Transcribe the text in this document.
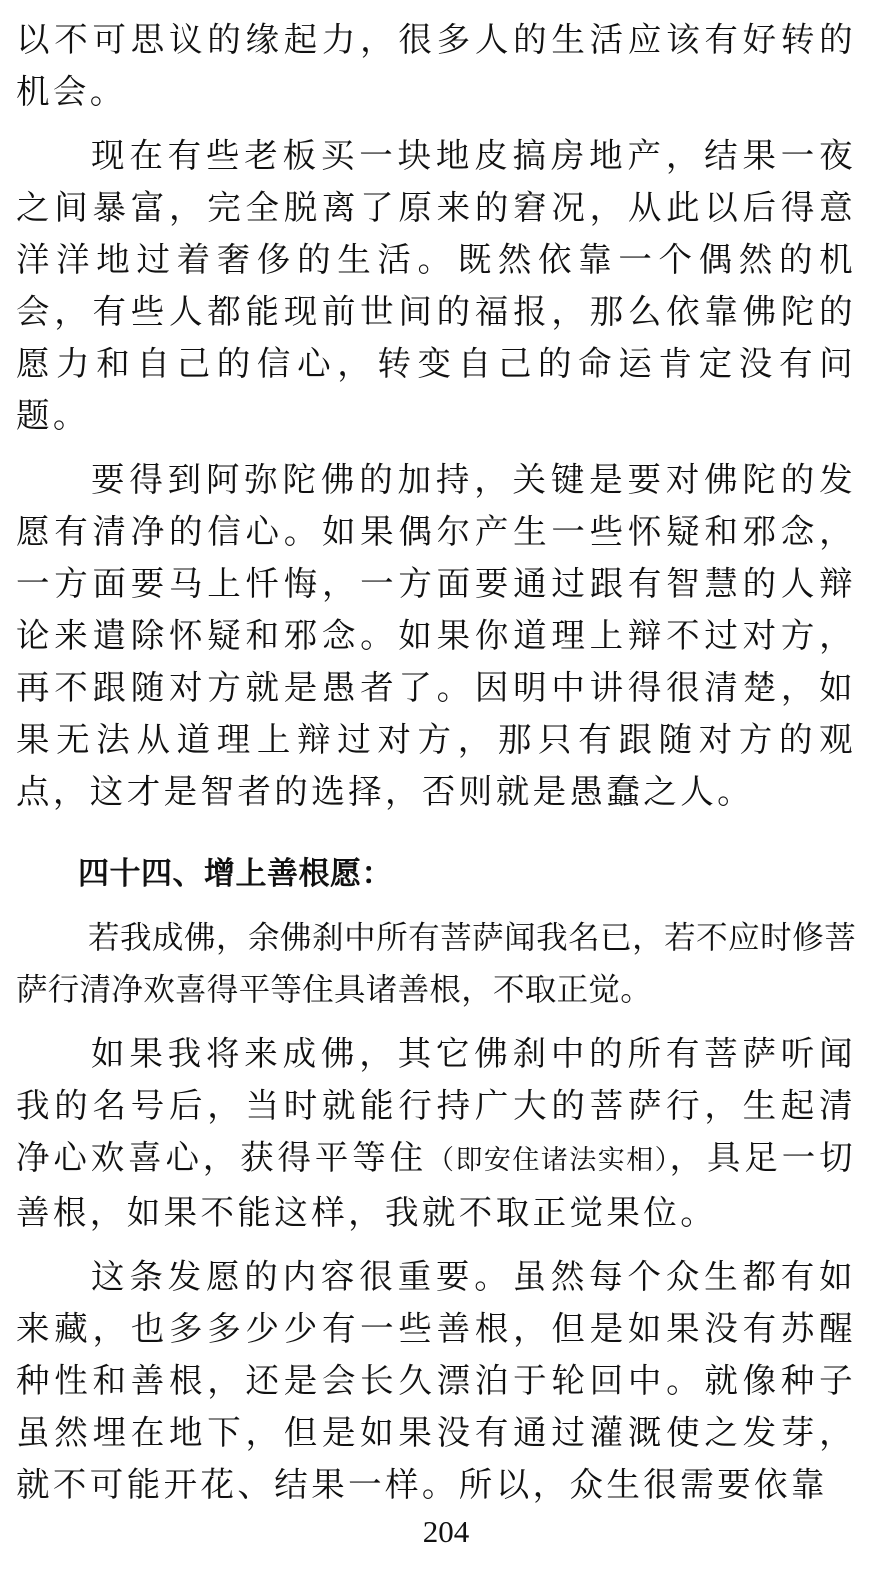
以不可思议的缘起力，很多人的生活应该有好转的机会。

现在有些老板买一块地皮搞房地产，结果一夜之间暴富，完全脱离了原来的窘况，从此以后得意洋洋地过着奢侈的生活。既然依靠一个偶然的机会，有些人都能现前世间的福报，那么依靠佛陀的愿力和自己的信心，转变自己的命运肯定没有问题。

要得到阿弥陀佛的加持，关键是要对佛陀的发愿有清净的信心。如果偶尔产生一些怀疑和邪念，一方面要马上忏悔，一方面要通过跟有智慧的人辩论来遣除怀疑和邪念。如果你道理上辩不过对方，再不跟随对方就是愚者了。因明中讲得很清楚，如果无法从道理上辩过对方，那只有跟随对方的观点，这才是智者的选择，否则就是愚蠢之人。

四十四、增上善根愿：

若我成佛，余佛刹中所有菩萨闻我名已，若不应时修菩萨行清净欢喜得平等住具诸善根，不取正觉。

如果我将来成佛，其它佛刹中的所有菩萨听闻我的名号后，当时就能行持广大的菩萨行，生起清净心欢喜心，获得平等住（即安住诸法实相），具足一切善根，如果不能这样，我就不取正觉果位。

这条发愿的内容很重要。虽然每个众生都有如来藏，也多多少少有一些善根，但是如果没有苏醒种性和善根，还是会长久漂泊于轮回中。就像种子虽然埋在地下，但是如果没有通过灌溉使之发芽，就不可能开花、结果一样。所以，众生很需要依靠

204
